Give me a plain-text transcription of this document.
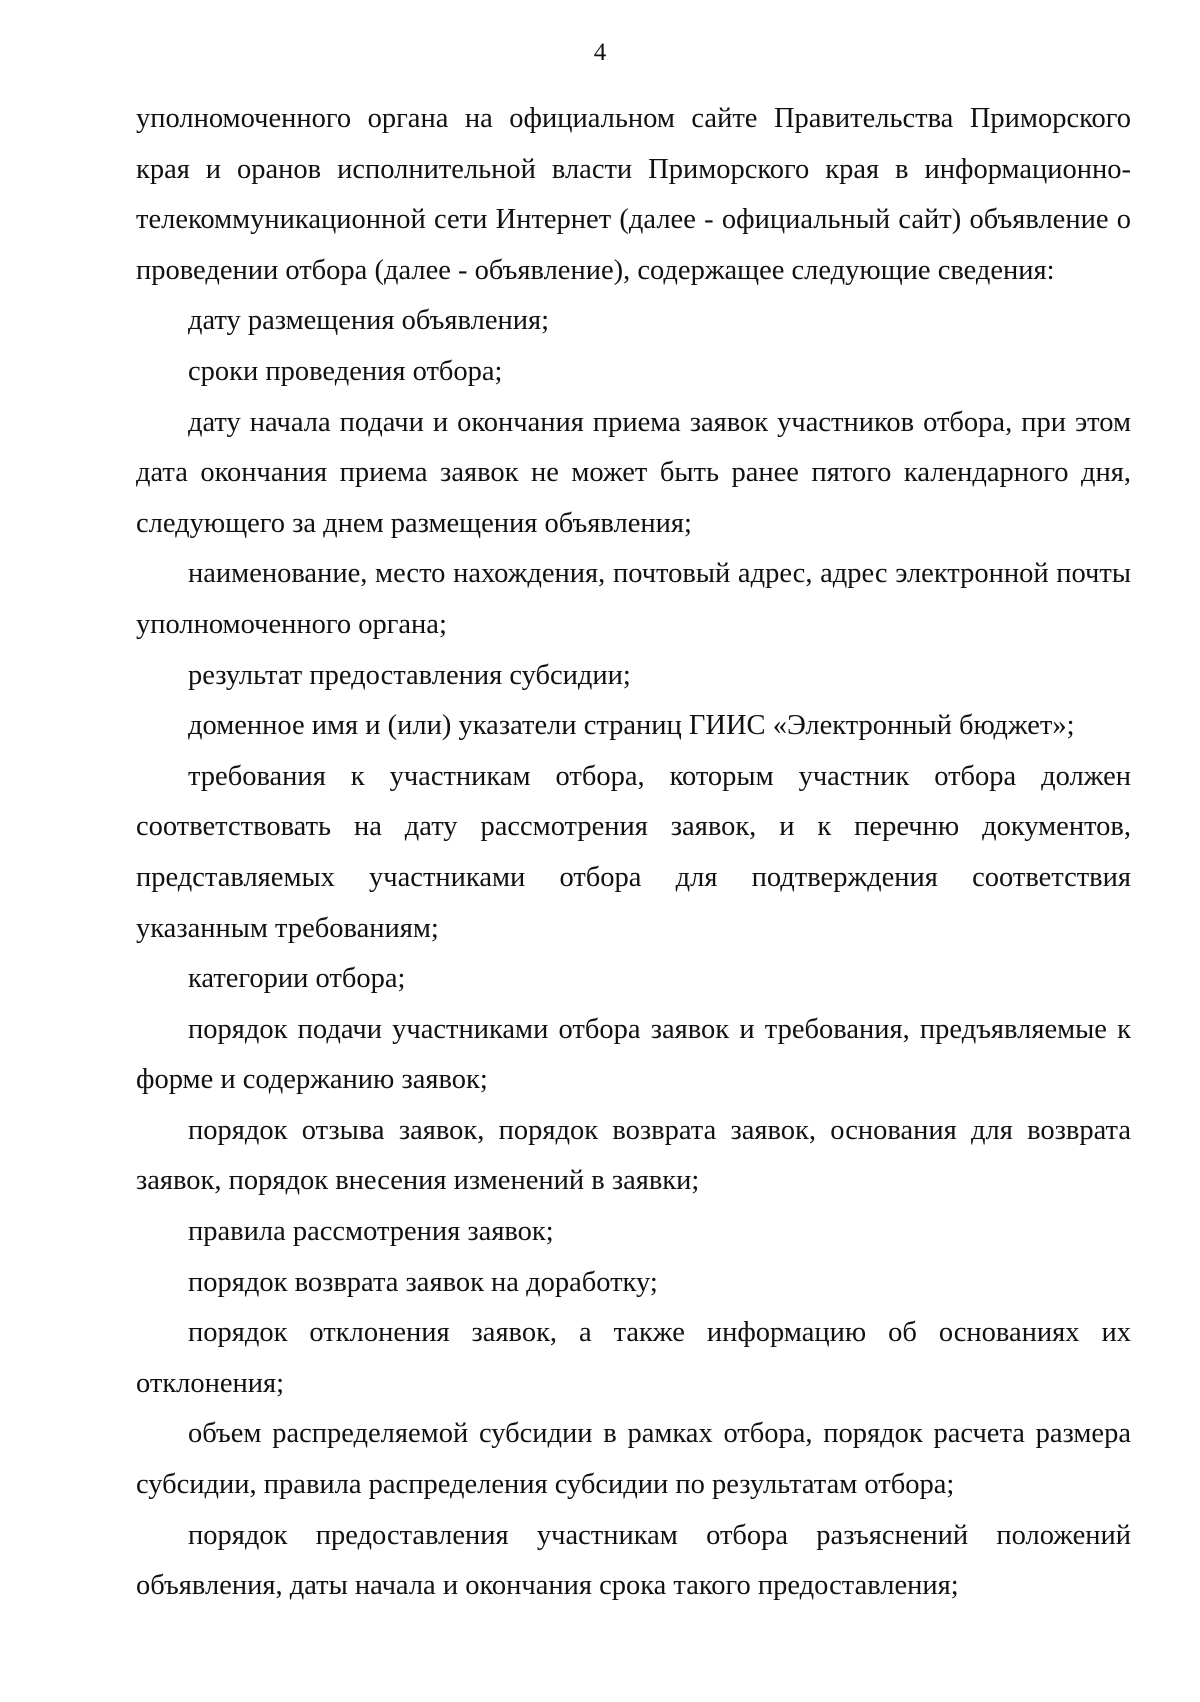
4

уполномоченного органа на официальном сайте Правительства Приморского края и оранов исполнительной власти Приморского края в информационно-телекоммуникационной сети Интернет (далее - официальный сайт) объявление о проведении отбора (далее - объявление), содержащее следующие сведения:

дату размещения объявления;

сроки проведения отбора;

дату начала подачи и окончания приема заявок участников отбора, при этом дата окончания приема заявок не может быть ранее пятого календарного дня, следующего за днем размещения объявления;

наименование, место нахождения, почтовый адрес, адрес электронной почты уполномоченного органа;

результат предоставления субсидии;

доменное имя и (или) указатели страниц ГИИС «Электронный бюджет»;

требования к участникам отбора, которым участник отбора должен соответствовать на дату рассмотрения заявок, и к перечню документов, представляемых участниками отбора для подтверждения соответствия указанным требованиям;

категории отбора;

порядок подачи участниками отбора заявок и требования, предъявляемые к форме и содержанию заявок;

порядок отзыва заявок, порядок возврата заявок, основания для возврата заявок, порядок внесения изменений в заявки;

правила рассмотрения заявок;

порядок возврата заявок на доработку;

порядок отклонения заявок, а также информацию об основаниях их отклонения;

объем распределяемой субсидии в рамках отбора, порядок расчета размера субсидии, правила распределения субсидии по результатам отбора;

порядок предоставления участникам отбора разъяснений положений объявления, даты начала и окончания срока такого предоставления;
